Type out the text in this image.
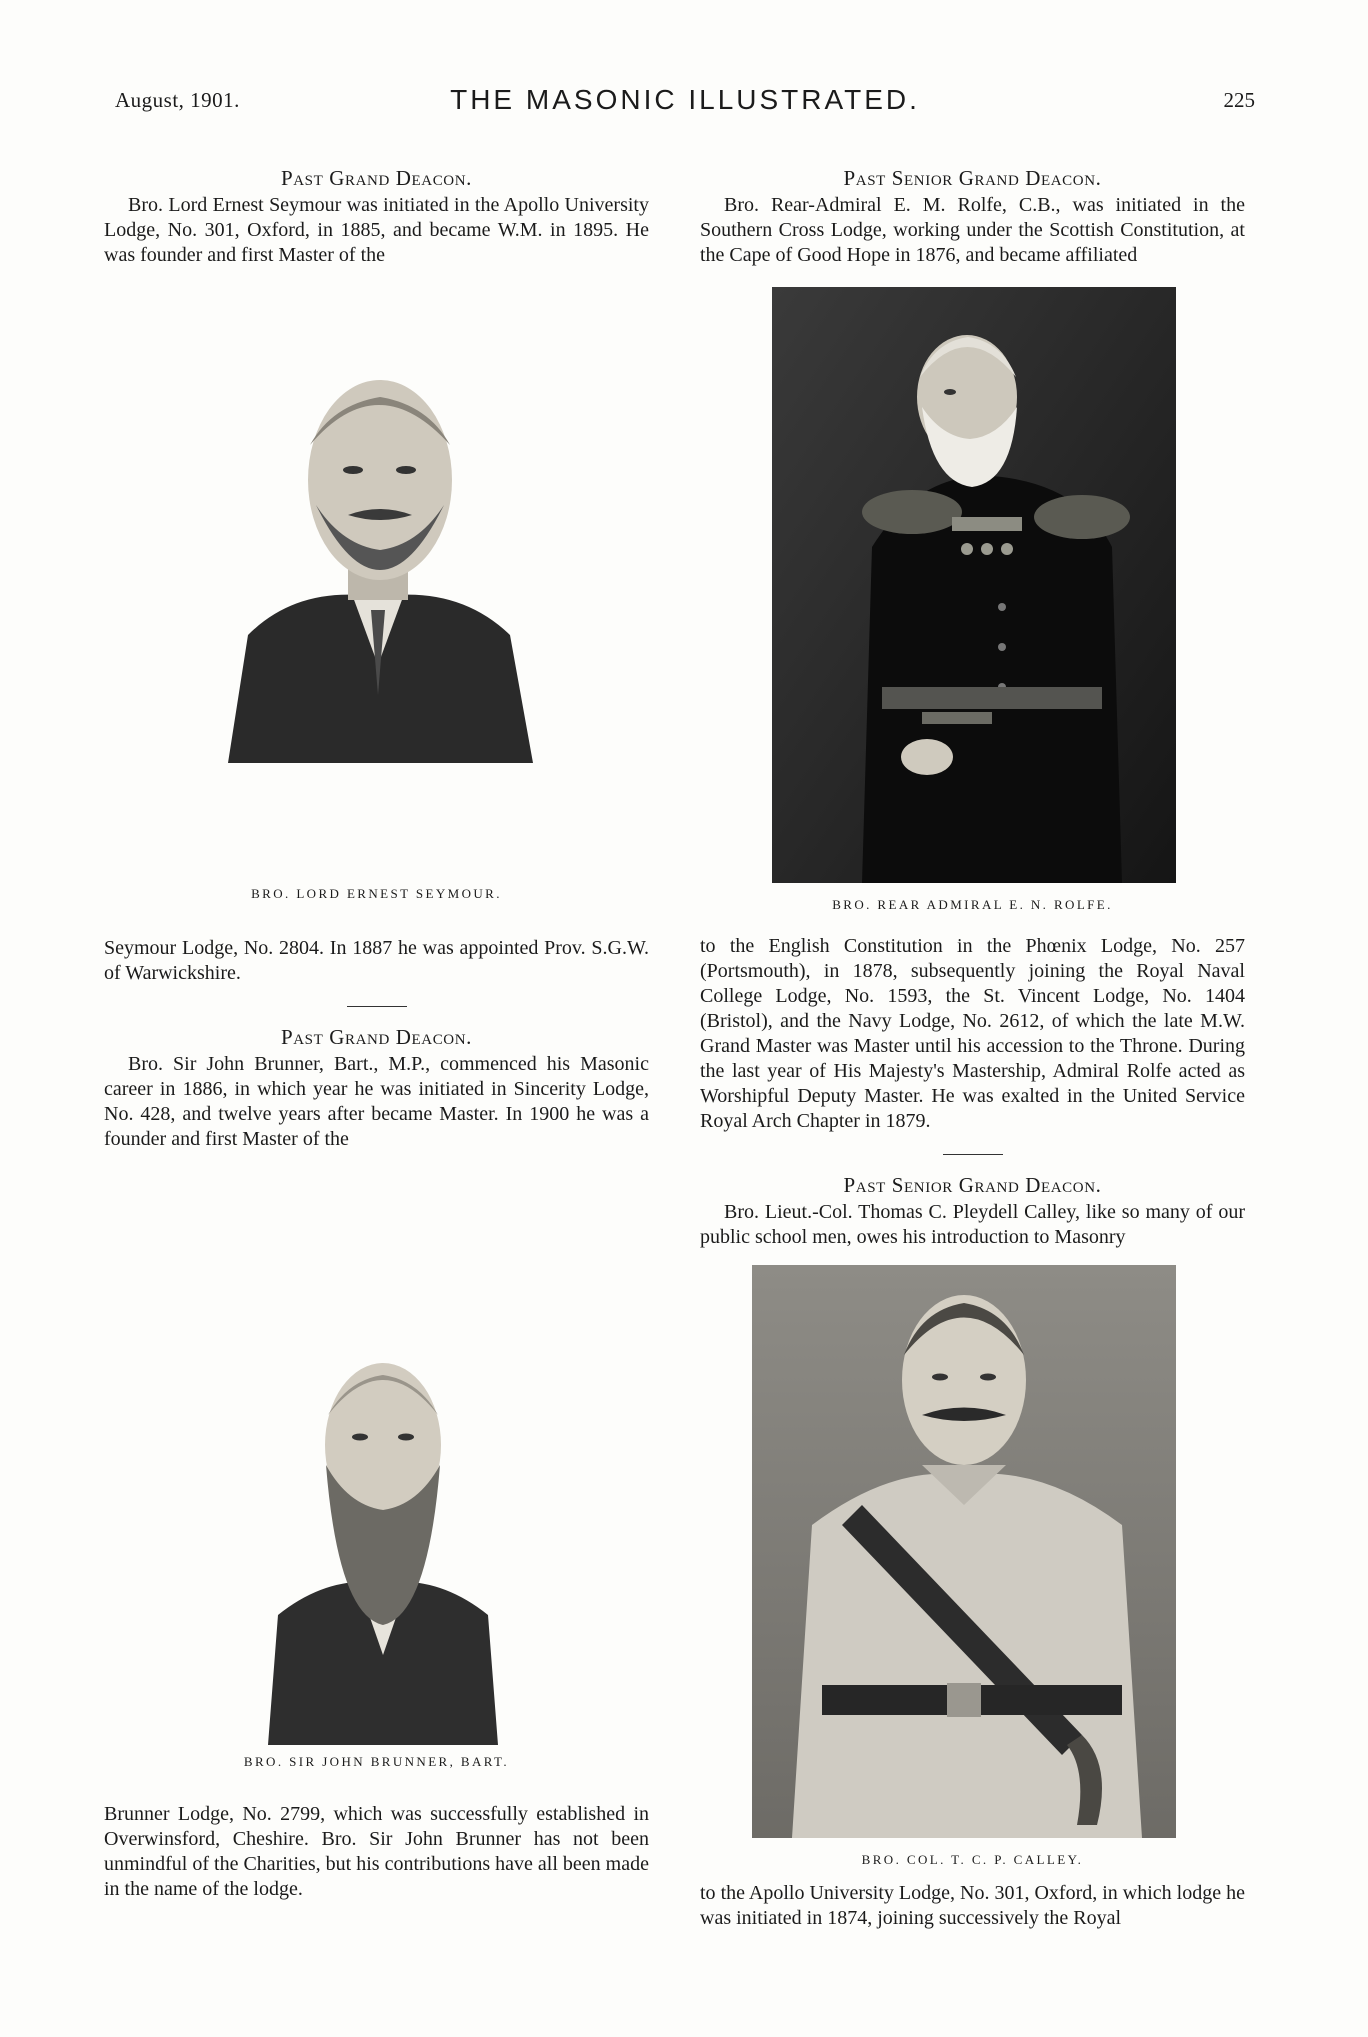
August, 1901.	THE MASONIC ILLUSTRATED.	225
Past Grand Deacon.

Bro. Lord Ernest Seymour was initiated in the Apollo University Lodge, No. 301, Oxford, in 1885, and became W.M. in 1895. He was founder and first Master of the

BRO. LORD ERNEST SEYMOUR.

Seymour Lodge, No. 2804. In 1887 he was appointed Prov. S.G.W. of Warwickshire.

Past Grand Deacon.

Bro. Sir John Brunner, Bart., M.P., commenced his Masonic career in 1886, in which year he was initiated in Sincerity Lodge, No. 428, and twelve years after became Master. In 1900 he was a founder and first Master of the

BRO. SIR JOHN BRUNNER, BART.

Brunner Lodge, No. 2799, which was successfully established in Overwinsford, Cheshire. Bro. Sir John Brunner has not been unmindful of the Charities, but his contributions have all been made in the name of the lodge.

Past Senior Grand Deacon.

Bro. Rear-Admiral E. M. Rolfe, C.B., was initiated in the Southern Cross Lodge, working under the Scottish Constitution, at the Cape of Good Hope in 1876, and became affiliated

BRO. REAR ADMIRAL E. N. ROLFE.

to the English Constitution in the Phœnix Lodge, No. 257 (Portsmouth), in 1878, subsequently joining the Royal Naval College Lodge, No. 1593, the St. Vincent Lodge, No. 1404 (Bristol), and the Navy Lodge, No. 2612, of which the late M.W. Grand Master was Master until his accession to the Throne. During the last year of His Majesty's Mastership, Admiral Rolfe acted as Worshipful Deputy Master. He was exalted in the United Service Royal Arch Chapter in 1879.

Past Senior Grand Deacon.

Bro. Lieut.-Col. Thomas C. Pleydell Calley, like so many of our public school men, owes his introduction to Masonry

BRO. COL. T. C. P. CALLEY.

to the Apollo University Lodge, No. 301, Oxford, in which lodge he was initiated in 1874, joining successively the Royal
